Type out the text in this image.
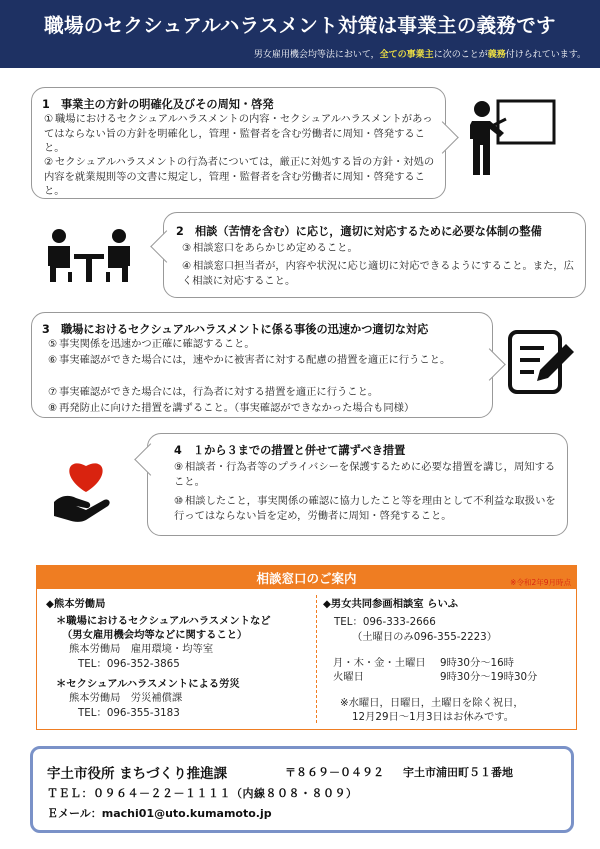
職場のセクシュアルハラスメント対策は事業主の義務です
男女雇用機会均等法において，全ての事業主に次のことが義務付けられています。
1　事業主の方針の明確化及びその周知・啓発
① 職場におけるセクシュアルハラスメントの内容・セクシュアルハラスメントがあってはならない旨の方針を明確化し，管理・監督者を含む労働者に周知・啓発すること。
② セクシュアルハラスメントの行為者については，厳正に対処する旨の方針・対処の内容を就業規則等の文書に規定し，管理・監督者を含む労働者に周知・啓発すること。
2　相談（苦情を含む）に応じ，適切に対応するために必要な体制の整備
③ 相談窓口をあらかじめ定めること。
④ 相談窓口担当者が，内容や状況に応じ適切に対応できるようにすること。また，広く相談に対応すること。
3　職場におけるセクシュアルハラスメントに係る事後の迅速かつ適切な対応
⑤ 事実関係を迅速かつ正確に確認すること。
⑥ 事実確認ができた場合には，速やかに被害者に対する配慮の措置を適正に行うこと。
⑦ 事実確認ができた場合には，行為者に対する措置を適正に行うこと。
⑧ 再発防止に向けた措置を講ずること。（事実確認ができなかった場合も同様）
4　１から３までの措置と併せて講ずべき措置
⑨ 相談者・行為者等のプライバシーを保護するために必要な措置を講じ，周知すること。
⑩ 相談したこと，事実関係の確認に協力したこと等を理由として不利益な取扱いを行ってはならない旨を定め，労働者に周知・啓発すること。
相談窓口のご案内	※令和2年9月時点
◆熊本労働局
＊職場におけるセクシュアルハラスメントなど
（男女雇用機会均等などに関すること）
熊本労働局　雇用環境・均等室
TEL：096-352-3865
＊セクシュアルハラスメントによる労災
熊本労働局　労災補償課
TEL：096-355-3183
◆男女共同参画相談室 らいふ
TEL：096-333-2666
（土曜日のみ096-355-2223）
月・木・金・土曜日 9時30分～16時
火曜日	9時30分～19時30分
※水曜日，日曜日，土曜日を除く祝日，
12月29日～1月3日はお休みです。
宇土市役所 まちづくり推進課	〒８６９－０４９２ 宇土市浦田町５１番地
ＴＥＬ：０９６４－２２－１１１１（内線８０８・８０９）
Ｅメール：machi01@uto.kumamoto.jp
